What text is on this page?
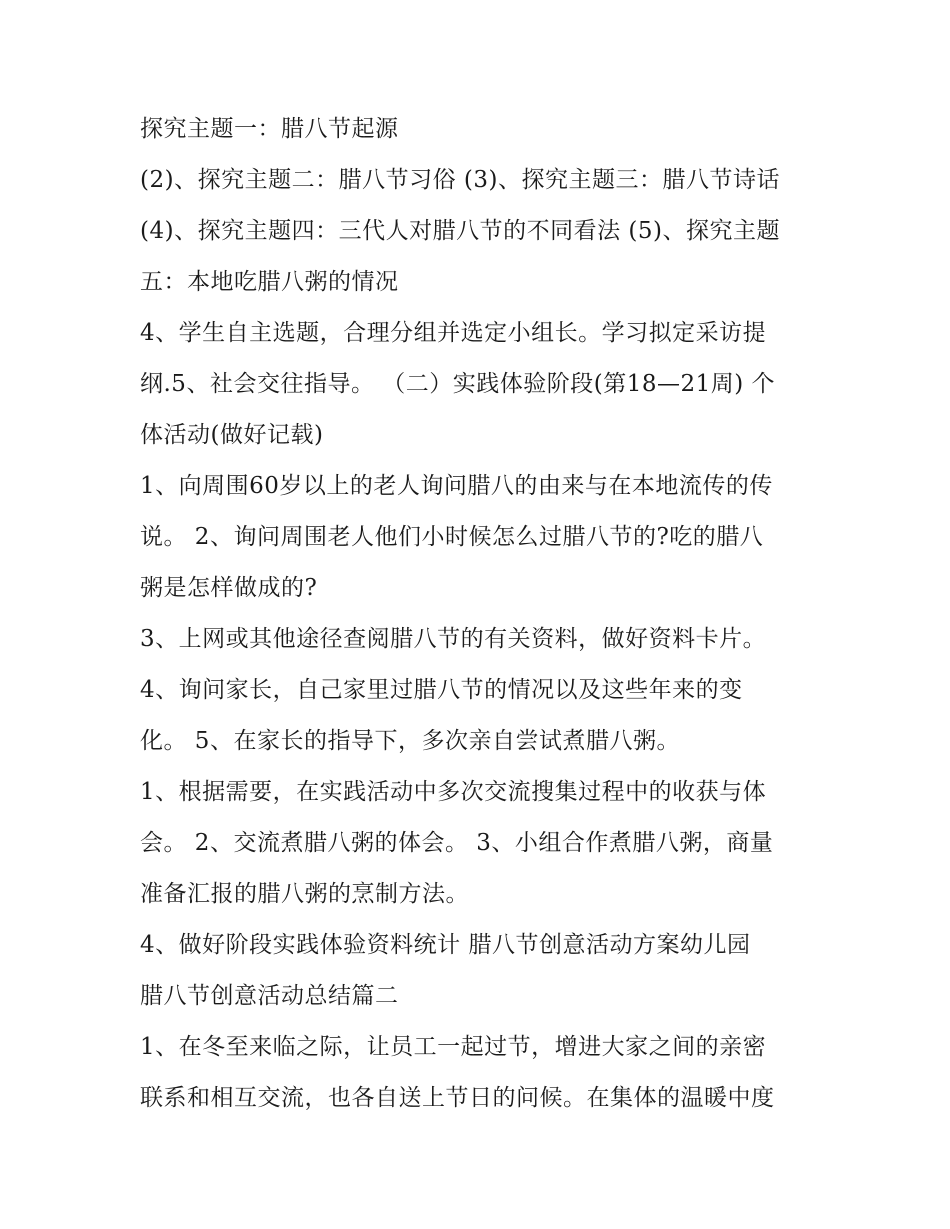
探究主题一：腊八节起源
(2)、探究主题二：腊八节习俗 (3)、探究主题三：腊八节诗话
(4)、探究主题四：三代人对腊八节的不同看法 (5)、探究主题
五：本地吃腊八粥的情况
4、学生自主选题，合理分组并选定小组长。学习拟定采访提
纲.5、社会交往指导。 （二）实践体验阶段(第18—21周) 个
体活动(做好记载)
1、向周围60岁以上的老人询问腊八的由来与在本地流传的传
说。 2、询问周围老人他们小时候怎么过腊八节的?吃的腊八
粥是怎样做成的?
3、上网或其他途径查阅腊八节的有关资料，做好资料卡片。
4、询问家长，自己家里过腊八节的情况以及这些年来的变
化。 5、在家长的指导下，多次亲自尝试煮腊八粥。
1、根据需要，在实践活动中多次交流搜集过程中的收获与体
会。 2、交流煮腊八粥的体会。 3、小组合作煮腊八粥，商量
准备汇报的腊八粥的烹制方法。
4、做好阶段实践体验资料统计 腊八节创意活动方案幼儿园
腊八节创意活动总结篇二
1、在冬至来临之际，让员工一起过节，增进大家之间的亲密
联系和相互交流，也各自送上节日的问候。在集体的温暖中度
